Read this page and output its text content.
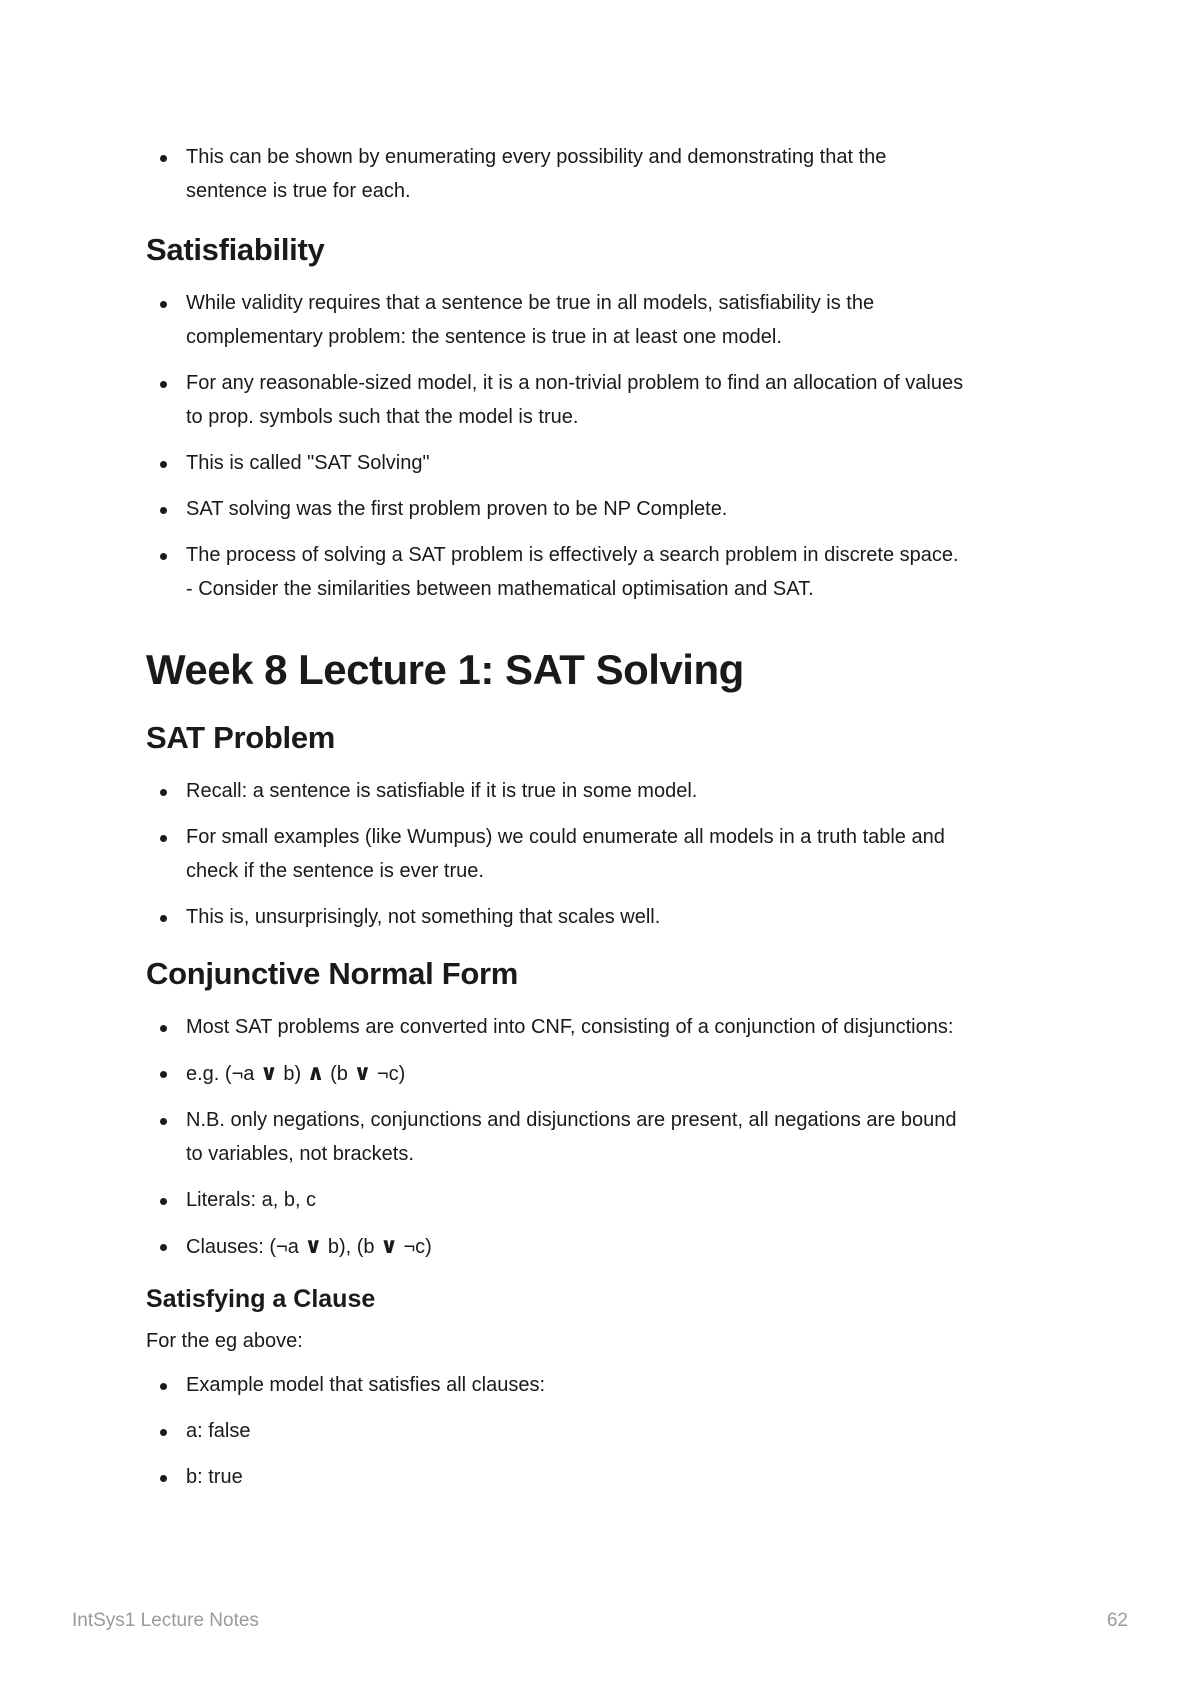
This can be shown by enumerating every possibility and demonstrating that the
sentence is true for each.
Satisfiability
While validity requires that a sentence be true in all models, satisfiability is the
complementary problem: the sentence is true in at least one model.
For any reasonable-sized model, it is a non-trivial problem to find an allocation of values
to prop. symbols such that the model is true.
This is called "SAT Solving"
SAT solving was the first problem proven to be NP Complete.
The process of solving a SAT problem is effectively a search problem in discrete space.
- Consider the similarities between mathematical optimisation and SAT.
Week 8 Lecture 1: SAT Solving
SAT Problem
Recall: a sentence is satisfiable if it is true in some model.
For small examples (like Wumpus) we could enumerate all models in a truth table and
check if the sentence is ever true.
This is, unsurprisingly, not something that scales well.
Conjunctive Normal Form
Most SAT problems are converted into CNF, consisting of a conjunction of disjunctions:
e.g. (¬a ∨ b) ∧ (b ∨ ¬c)
N.B. only negations, conjunctions and disjunctions are present, all negations are bound
to variables, not brackets.
Literals: a, b, c
Clauses: (¬a ∨ b), (b ∨ ¬c)
Satisfying a Clause

For the eg above:

Example model that satisfies all clauses:
a: false
b: true
IntSys1 Lecture Notes	62
